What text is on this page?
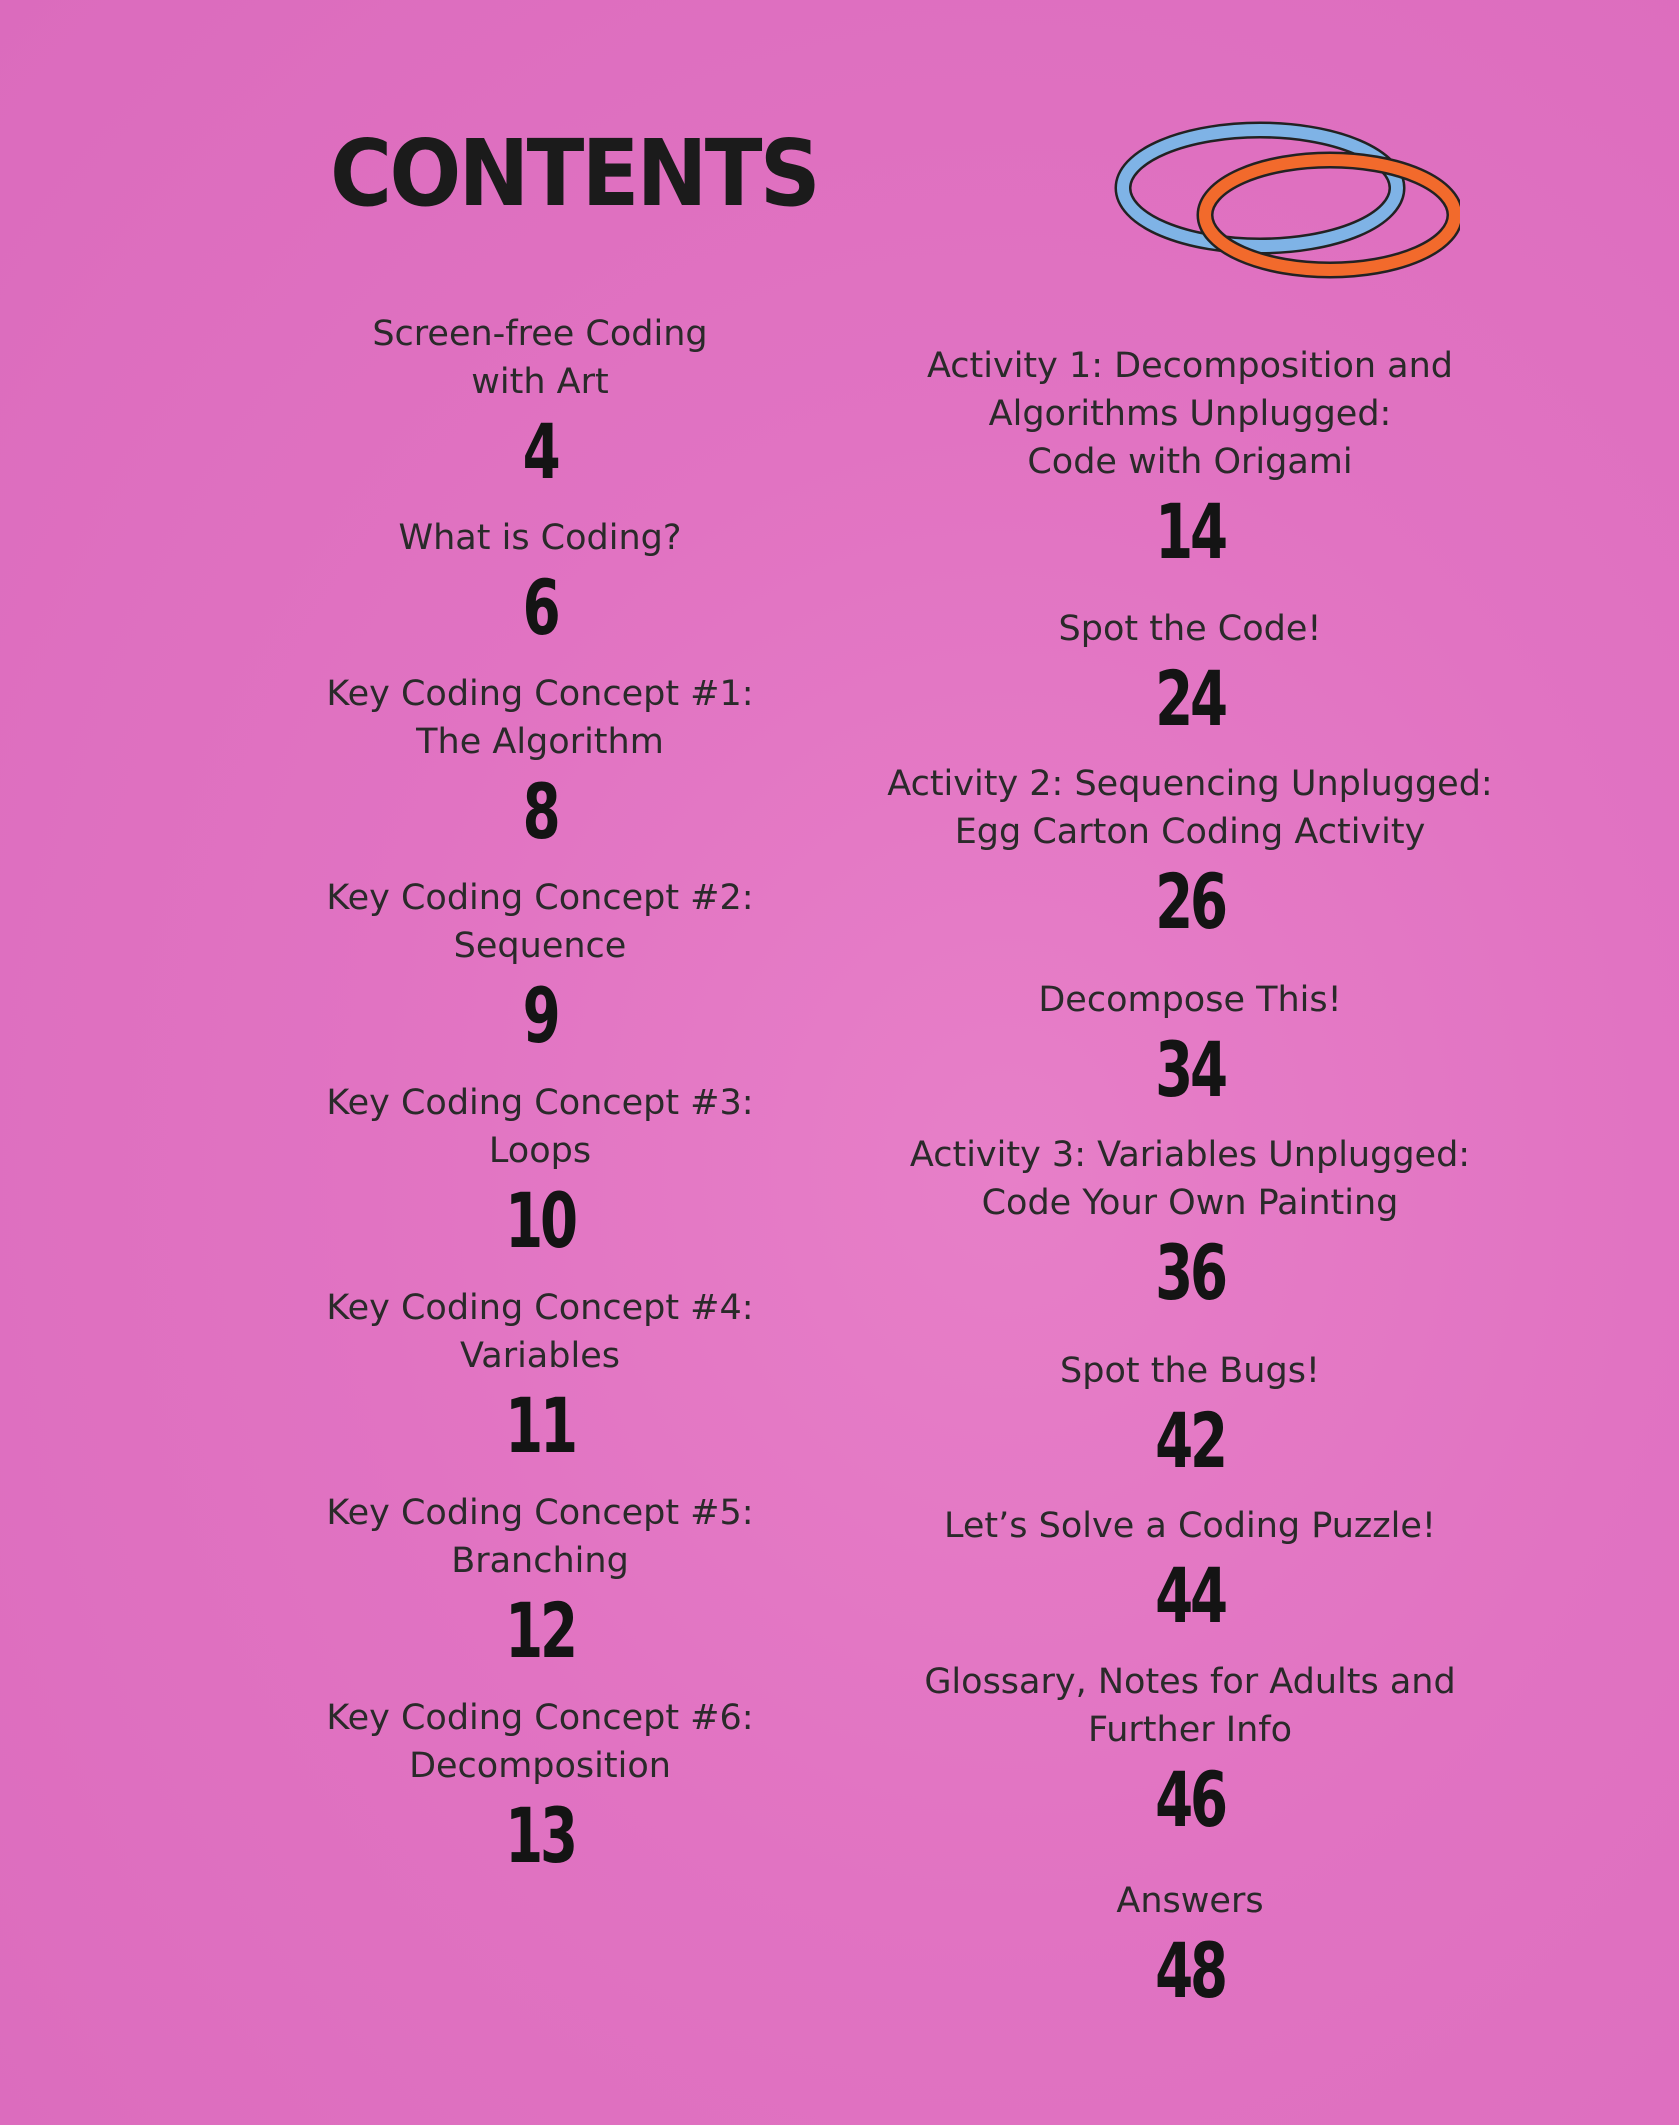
CONTENTS
Screen-free Coding
with Art
4
What is Coding?
6
Key Coding Concept #1:
The Algorithm
8
Key Coding Concept #2:
Sequence
9
Key Coding Concept #3:
Loops
10
Key Coding Concept #4:
Variables
11
Key Coding Concept #5:
Branching
12
Key Coding Concept #6:
Decomposition
13
Activity 1: Decomposition and
Algorithms Unplugged:
Code with Origami
14
Spot the Code!
24
Activity 2: Sequencing Unplugged:
Egg Carton Coding Activity
26
Decompose This!
34
Activity 3: Variables Unplugged:
Code Your Own Painting
36
Spot the Bugs!
42
Let’s Solve a Coding Puzzle!
44
Glossary, Notes for Adults and
Further Info
46
Answers
48
